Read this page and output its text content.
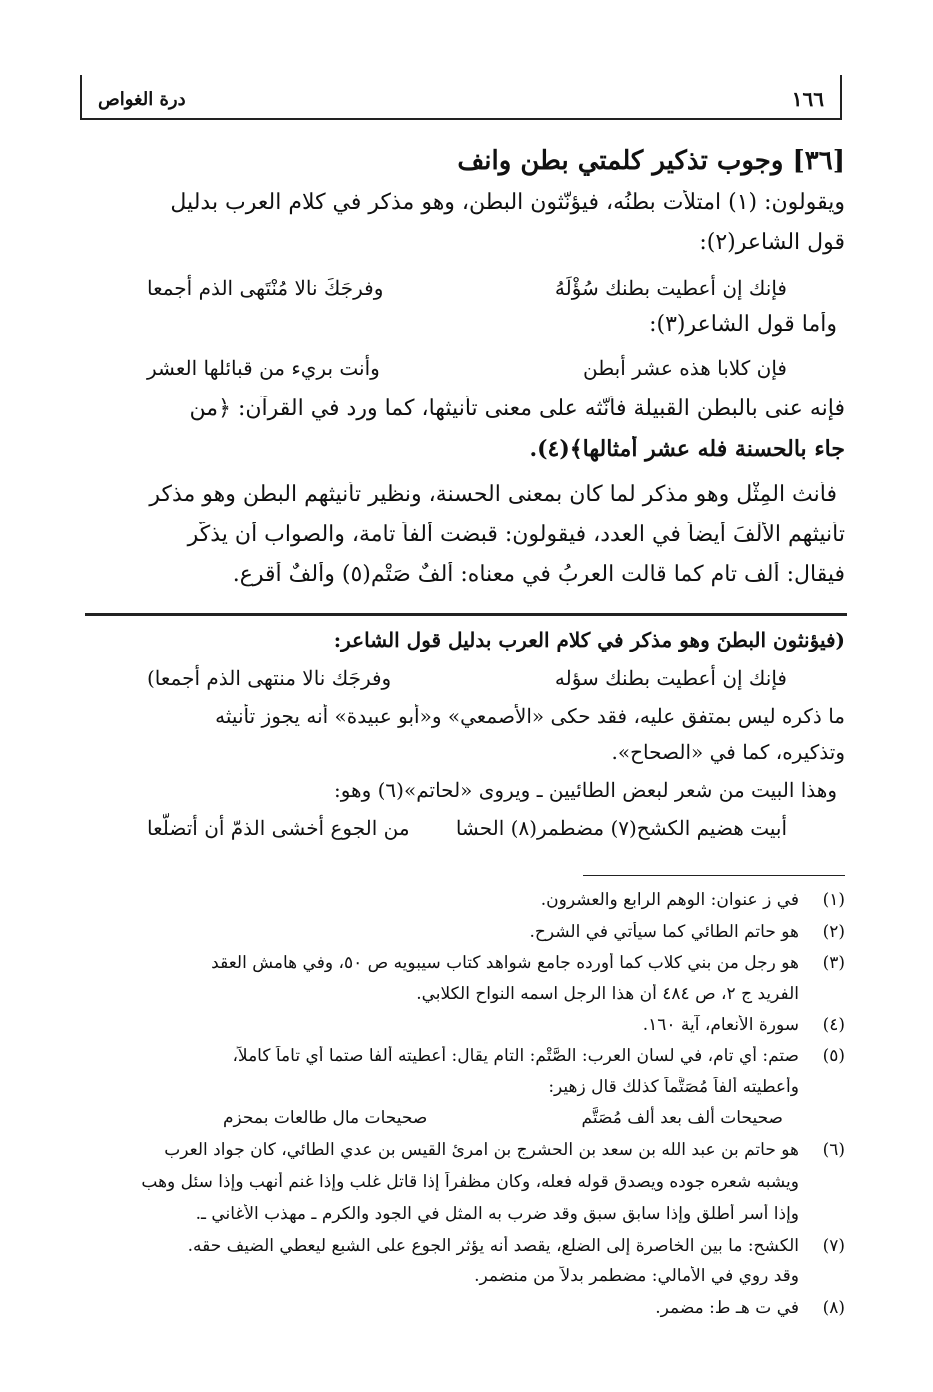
١٦٦
درة الغواص
[٣٦] وجوب تذكير كلمتي بطن وانف
ويقولون: (١) امتلأت بطنُه، فيؤنّثون البطن، وهو مذكر في كلام العرب بدليل
قول الشاعر(٢):
فإنك إن أعطيت بطنك سُؤْلَهُ
وفرجَكَ نالا مُنْتَهى الذم أجمعا
وأما قول الشاعر(٣):
فإن كلابا هذه عشر أبطن
وأنت بريء من قبائلها العشر
فإنه عنى بالبطن القبيلة فأنّثه على معنى تأنيثها، كما ورد في القرآن: ﴿من
جاء بالحسنة فله عشر أمثالها﴾(٤).
فأنث المِثْل وهو مذكر لما كان بمعنى الحسنة، ونظير تأنيثهم البطن وهو مذكر
تأنيثهم الأَلْفَ أيضاً في العدد، فيقولون: قبضت ألفاً تامة، والصواب أن يذكَّر
فيقال: ألف تام كما قالت العربُ في معناه: ألفٌ صَتْم(٥) وألفٌ أقرع.
(فيؤنثون البطنَ وهو مذكر في كلام العرب بدليل قول الشاعر:
فإنك إن أعطيت بطنك سؤله
وفرجَك نالا منتهى الذم أجمعا)
ما ذكره ليس بمتفق عليه، فقد حكى «الأصمعي» و«أبو عبيدة» أنه يجوز تأنيثه
وتذكيره، كما في «الصحاح».
وهذا البيت من شعر لبعض الطائيين ـ ويروى «لحاتم»(٦) وهو:
أبيت هضيم الكشح(٧) مضطمر(٨) الحشا
من الجوع أخشى الذمّ أن أتضلّعا
(١)
في ز عنوان: الوهم الرابع والعشرون.
(٢)
هو حاتم الطائي كما سيأتي في الشرح.
(٣)
هو رجل من بني كلاب كما أورده جامع شواهد كتاب سيبويه ص ٥٠، وفي هامش العقد
الفريد ج ٢، ص ٤٨٤ أن هذا الرجل اسمه النواح الكلابي.
(٤)
سورة الأنعام، آية ١٦٠.
(٥)
صتم: أي تام، في لسان العرب: الصَّتْم: التام يقال: أعطيته ألفا صتما أي تاماً كاملاً،
وأعطيته ألفاً مُصَتَّماً كذلك قال زهير:
صحيحات ألف بعد ألف مُصَتَّم
صحيحات مال طالعات بمحزم
(٦)
هو حاتم بن عبد الله بن سعد بن الحشرج بن امرئ القيس بن عدي الطائي، كان جواد العرب
ويشبه شعره جوده ويصدق قوله فعله، وكان مظفراً إذا قاتل غلب وإذا غنم أنهب وإذا سئل وهب
وإذا أسر أطلق وإذا سابق سبق وقد ضرب به المثل في الجود والكرم ـ مهذب الأغاني ـ.
(٧)
الكشح: ما بين الخاصرة إلى الضلع، يقصد أنه يؤثر الجوع على الشبع ليعطي الضيف حقه.
وقد روي في الأمالي: مضطمر بدلاً من منضمر.
(٨)
في ت هـ ط: مضمر.
